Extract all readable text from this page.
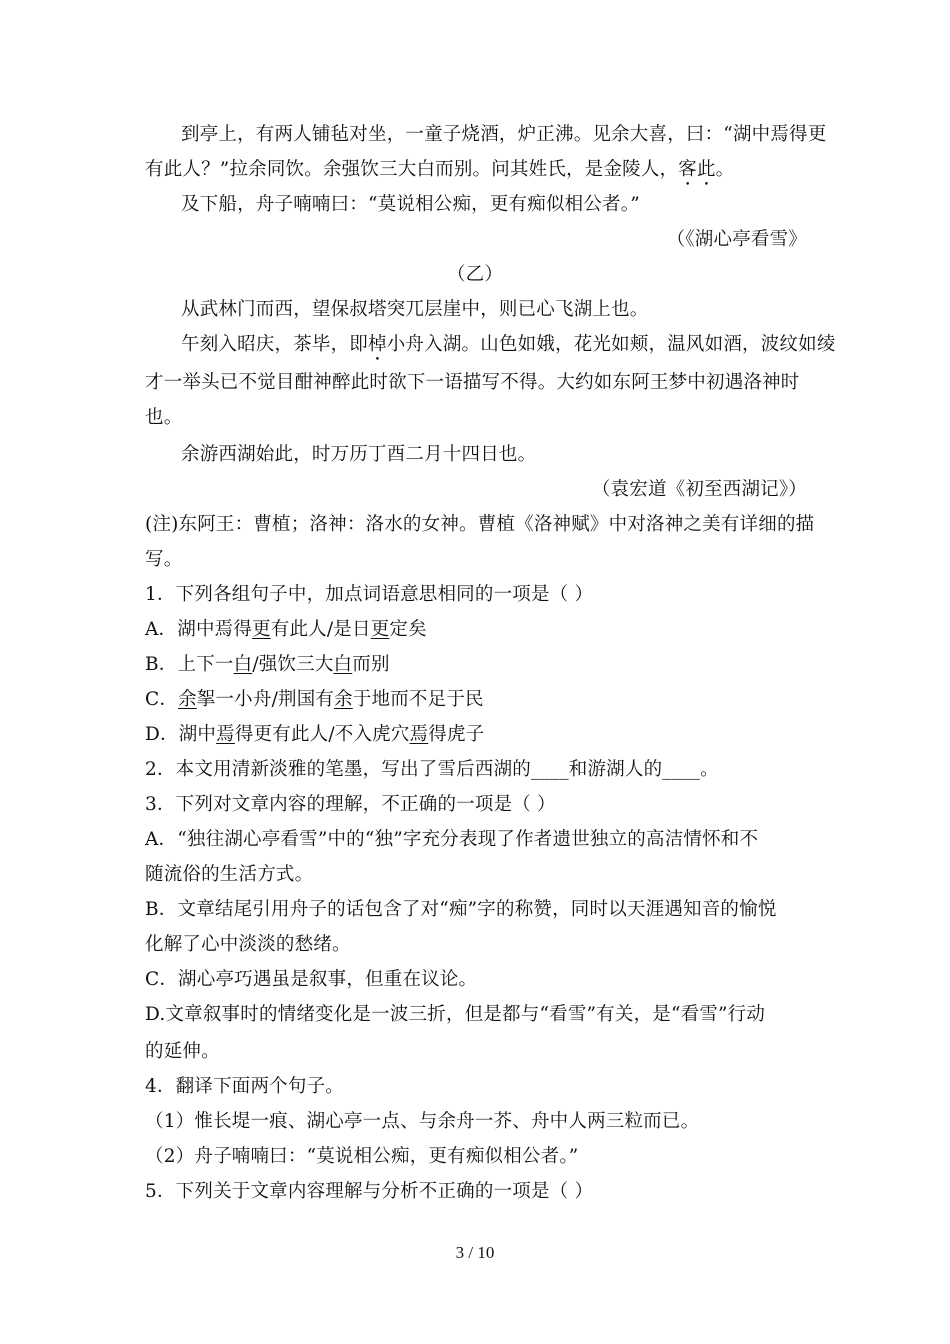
到亭上，有两人铺毡对坐，一童子烧酒，炉正沸。见余大喜，曰：“湖中焉得更
有此人？”拉余同饮。余强饮三大白而别。问其姓氏，是金陵人，客此。
及下船，舟子喃喃曰：“莫说相公痴，更有痴似相公者。”
（《湖心亭看雪》
（乙）
从武林门而西，望保叔塔突兀层崖中，则已心飞湖上也。
午刻入昭庆，茶毕，即棹小舟入湖。山色如娥，花光如颊，温风如酒，波纹如绫
才一举头已不觉目酣神醉此时欲下一语描写不得。大约如东阿王梦中初遇洛神时
也。
余游西湖始此，时万历丁酉二月十四日也。
（袁宏道《初至西湖记》）
(注)东阿王：曹植；洛神：洛水的女神。曹植《洛神赋》中对洛神之美有详细的描
写。
1．下列各组句子中，加点词语意思相同的一项是（ ）
A．湖中焉得更有此人/是日更定矣
B．上下一白/强饮三大白而别
C．余挐一小舟/荆国有余于地而不足于民
D．湖中焉得更有此人/不入虎穴焉得虎子
2．本文用清新淡雅的笔墨，写出了雪后西湖的____和游湖人的____。
3．下列对文章内容的理解，不正确的一项是（ ）
A．“独往湖心亭看雪”中的“独”字充分表现了作者遗世独立的高洁情怀和不
随流俗的生活方式。
B．文章结尾引用舟子的话包含了对“痴”字的称赞，同时以天涯遇知音的愉悦
化解了心中淡淡的愁绪。
C．湖心亭巧遇虽是叙事，但重在议论。
D.文章叙事时的情绪变化是一波三折，但是都与“看雪”有关，是“看雪”行动
的延伸。
4．翻译下面两个句子。
（1）惟长堤一痕、湖心亭一点、与余舟一芥、舟中人两三粒而已。
（2）舟子喃喃曰：“莫说相公痴，更有痴似相公者。”
5．下列关于文章内容理解与分析不正确的一项是（ ）
3 / 10
